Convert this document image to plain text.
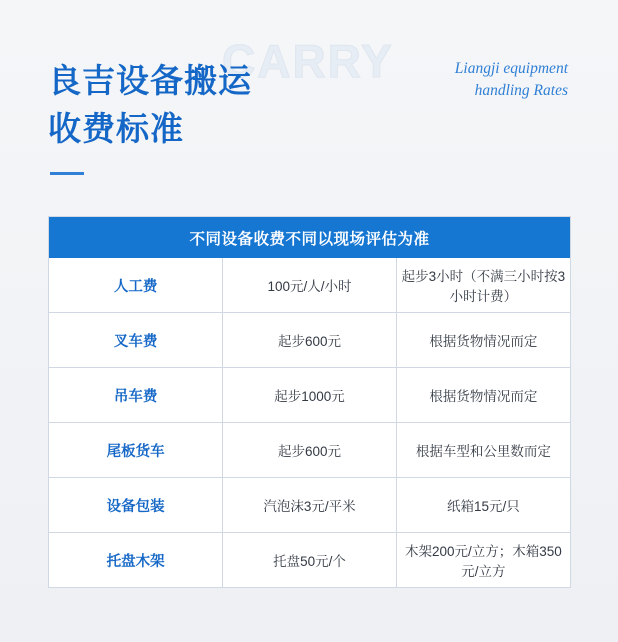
CARRY
良吉设备搬运
收费标准
Liangji equipment
handling Rates
不同设备收费不同以现场评估为准		
人工费	100元/人/小时	起步3小时（不满三小时按3小时计费）
叉车费	起步600元	根据货物情况而定
吊车费	起步1000元	根据货物情况而定
尾板货车	起步600元	根据车型和公里数而定
设备包装	汽泡沫3元/平米	纸箱15元/只
托盘木架	托盘50元/个	木架200元/立方；木箱350元/立方
